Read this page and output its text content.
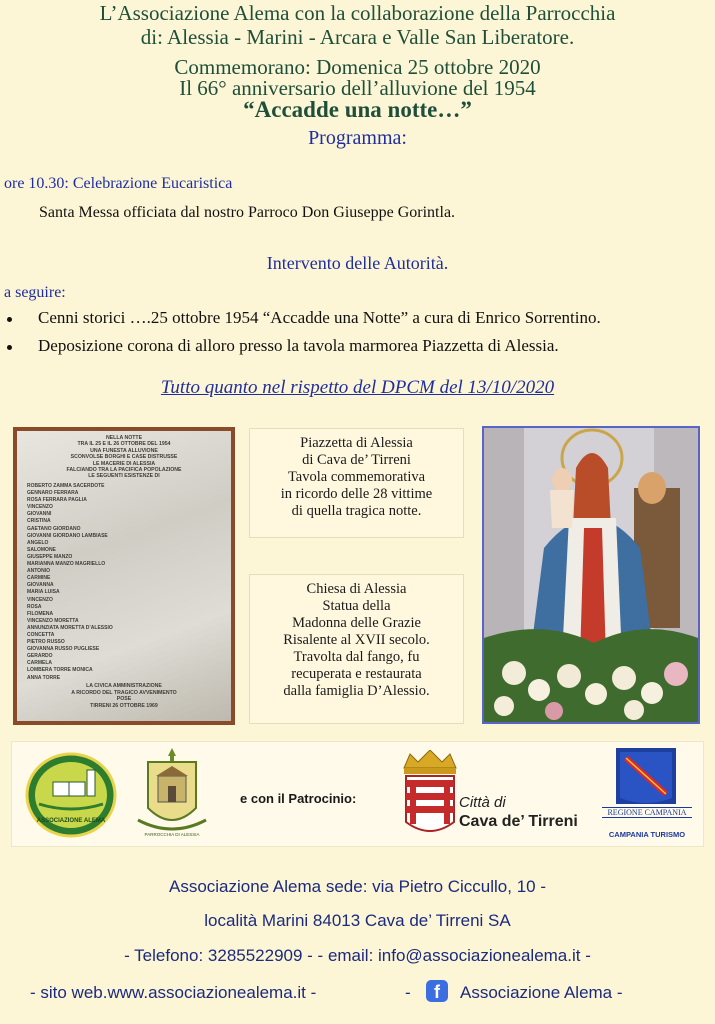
L’Associazione Alema con la collaborazione della Parrocchia
di: Alessia - Marini - Arcara e Valle San Liberatore.
Commemorano: Domenica 25 ottobre 2020
Il 66° anniversario dell’alluvione del 1954
“Accadde una notte…”
Programma:
ore 10.30: Celebrazione Eucaristica
Santa Messa officiata dal nostro Parroco Don Giuseppe Gorintla.
Intervento delle Autorità.
a seguire:
Cenni storici ….25 ottobre 1954 “Accadde una Notte” a cura di Enrico Sorrentino.
Deposizione corona di alloro presso la tavola marmorea Piazzetta di Alessia.
Tutto quanto nel rispetto del DPCM del 13/10/2020
NELLA NOTTE
TRA IL 25 E IL 26 OTTOBRE DEL 1954
UNA FUNESTA ALLUVIONE
SCONVOLSE BORGHI E CASE DISTRUSSE
LE MACERIE DI ALESSIA
FALCIANDO TRA LA PACIFICA POPOLAZIONE
LE SEGUENTI ESISTENZE DI
ROBERTO ZAMMA SACERDOTE
GENNARO FERRARA
ROSA FERRARA PAGLIA
VINCENZO
GIOVANNI
CRISTINA
GAETANO GIORDANO
GIOVANNI GIORDANO LAMBIASE
ANGELO
SALOMONE
GIUSEPPE MANZO
MARIANNA MANZO MAGRIELLO
ANTONIO
CARMINE
GIOVANNA
MARIA LUISA
VINCENZO
ROSA
FILOMENA
VINCENZO MORETTA
ANNUNZIATA MORETTA D’ALESSIO
CONCETTA
PIETRO RUSSO
GIOVANNA RUSSO PUGLIESE
GERARDO
CARMELA
LOMBERA TORRE MONICA
ANNA TORRE
LA CIVICA AMMINISTRAZIONE
A RICORDO DEL TRAGICO AVVENIMENTO
POSE
TIRRENI 26 OTTOBRE 1969
Piazzetta di Alessia
di Cava de’ Tirreni
Tavola commemorativa
in ricordo delle 28 vittime
di quella tragica notte.
Chiesa di Alessia
Statua della
Madonna delle Grazie
Risalente al XVII secolo.
Travolta dal fango, fu
recuperata e restaurata
dalla famiglia D’Alessio.
ASSOCIAZIONE ALEMA
PARROCCHIA DI ALESSIA
e con il Patrocinio:	Città di
Cava de’ Tirreni
REGIONE CAMPANIA
CAMPANIA TURISMO
Associazione Alema sede: via Pietro Ciccullo, 10 -
località Marini 84013 Cava de’ Tirreni SA
- Telefono: 3285522909 - - email: info@associazionealema.it -
- sito web.www.associazionealema.it -	-	f	Associazione Alema -
